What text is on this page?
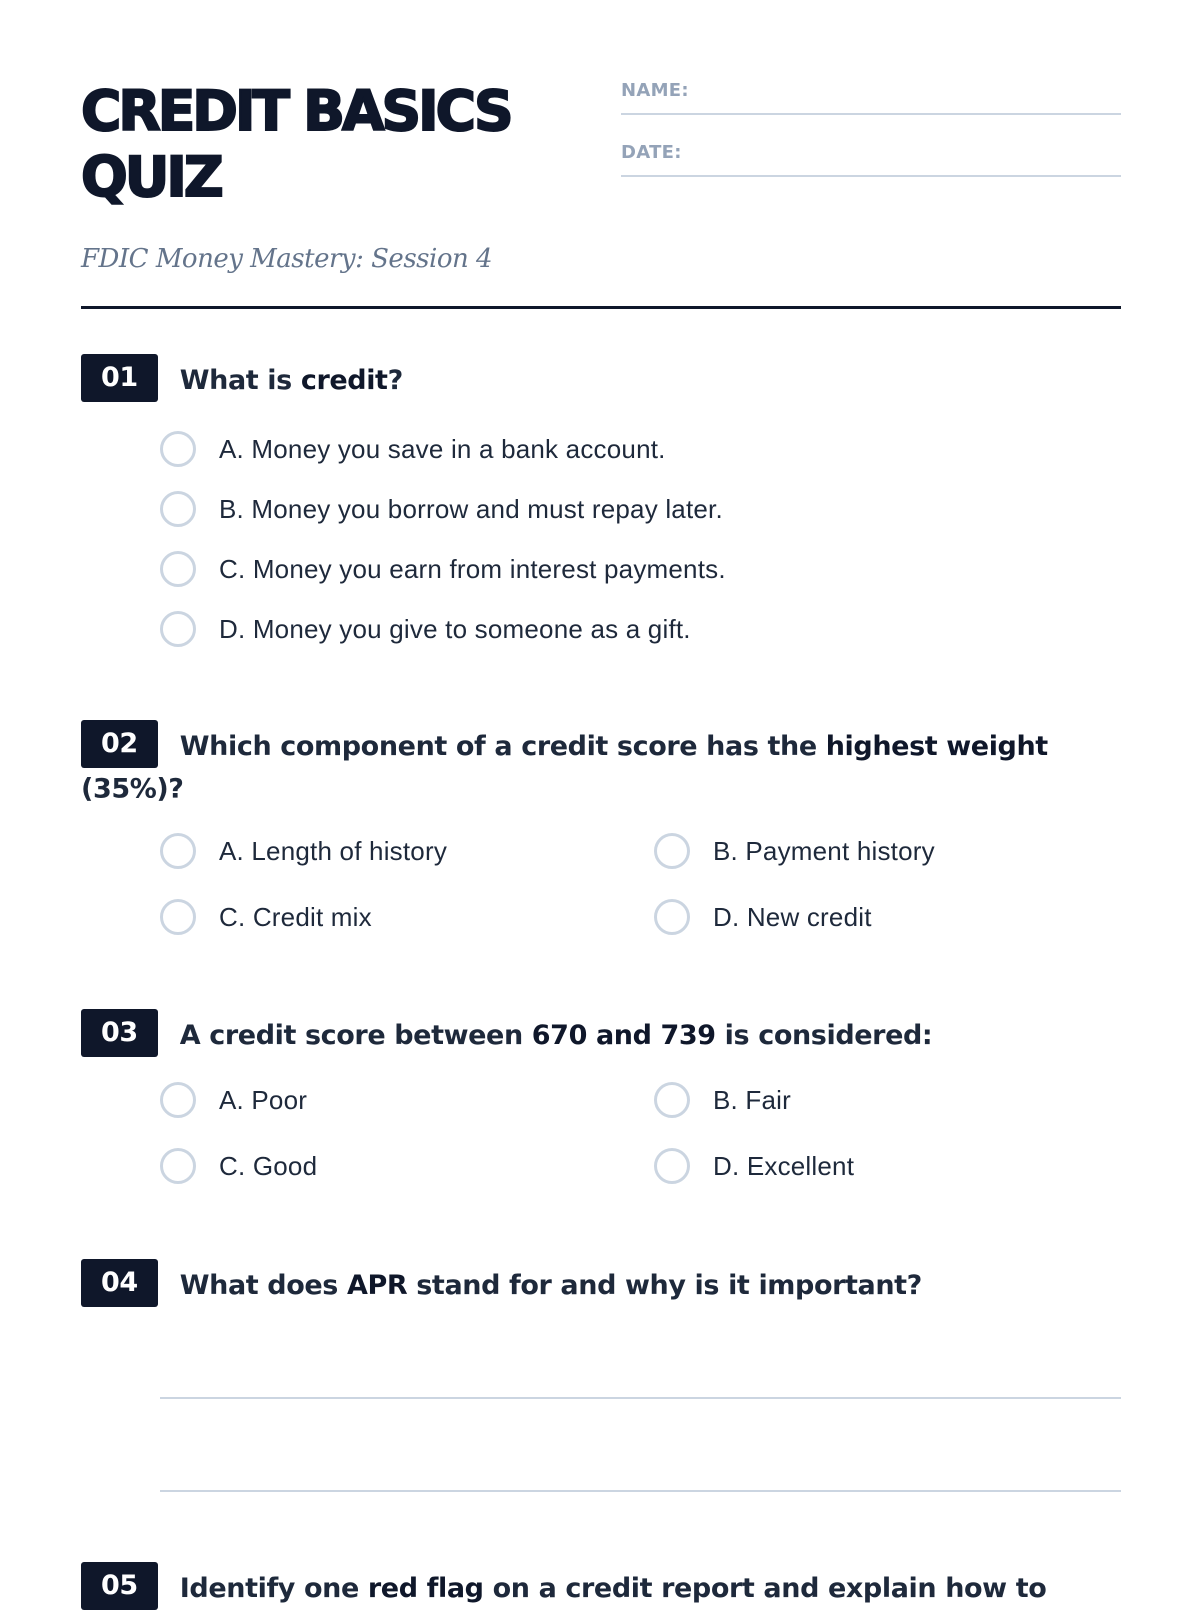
CREDIT BASICS QUIZ
FDIC Money Mastery: Session 4
NAME:
DATE:
01 What is credit?
A. Money you save in a bank account.
B. Money you borrow and must repay later.
C. Money you earn from interest payments.
D. Money you give to someone as a gift.
02 Which component of a credit score has the highest weight (35%)?
A. Length of history	B. Payment history
C. Credit mix	D. New credit
03 A credit score between 670 and 739 is considered:
A. Poor	B. Fair
C. Good	D. Excellent
04 What does APR stand for and why is it important?
05 Identify one red flag on a credit report and explain how to
